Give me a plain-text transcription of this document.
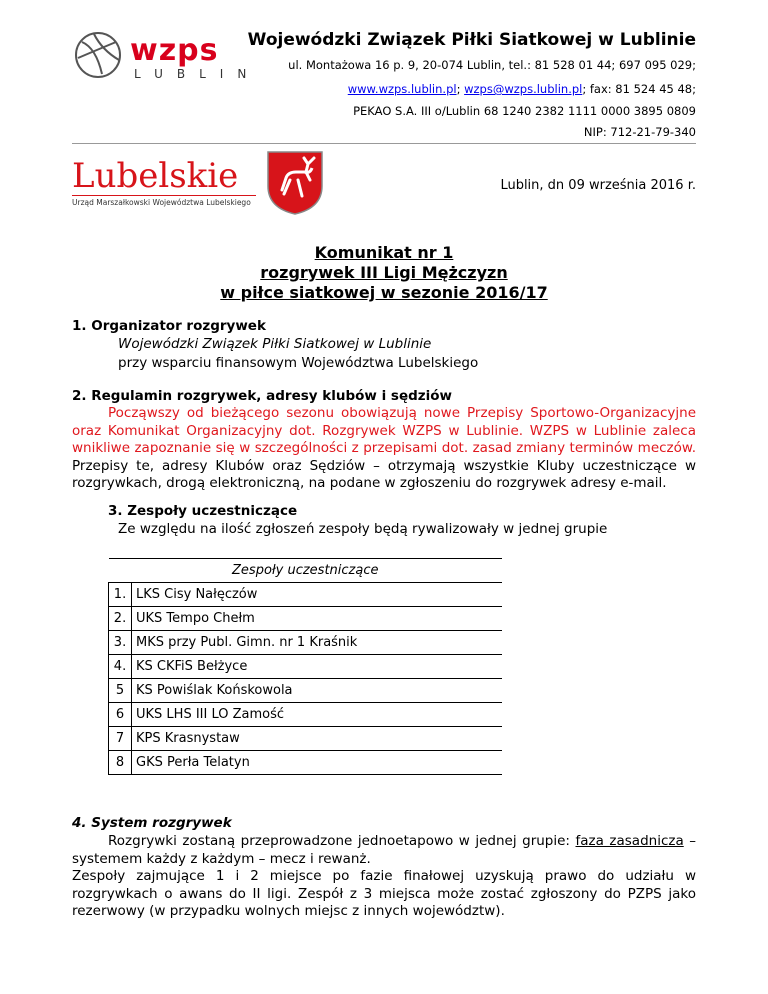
wzps
LUBLIN
Wojewódzki Związek Piłki Siatkowej w Lublinie
ul. Montażowa 16 p. 9, 20-074 Lublin, tel.: 81 528 01 44; 697 095 029;
www.wzps.lublin.pl; wzps@wzps.lublin.pl; fax: 81 524 45 48;
PEKAO S.A. III o/Lublin 68 1240 2382 1111 0000 3895 0809
NIP: 712-21-79-340
Lubelskie
Urząd Marszałkowski Województwa Lubelskiego
Lublin, dn 09 września 2016 r.
Komunikat nr 1
rozgrywek III Ligi Mężczyzn
w piłce siatkowej w sezonie 2016/17
1. Organizator rozgrywek
Wojewódzki Związek Piłki Siatkowej w Lublinie
przy wsparciu finansowym Województwa Lubelskiego
2. Regulamin rozgrywek, adresy klubów i sędziów
Począwszy od bieżącego sezonu obowiązują nowe Przepisy Sportowo-Organizacyjne oraz Komunikat Organizacyjny dot. Rozgrywek WZPS w Lublinie. WZPS w Lublinie zaleca wnikliwe zapoznanie się w szczególności z przepisami dot. zasad zmiany terminów meczów. Przepisy te, adresy Klubów oraz Sędziów – otrzymają wszystkie Kluby uczestniczące w rozgrywkach, drogą elektroniczną, na podane w zgłoszeniu do rozgrywek adresy e-mail.
3. Zespoły uczestniczące
Ze względu na ilość zgłoszeń zespoły będą rywalizowały w jednej grupie
Zespoły uczestniczące	
1.	LKS Cisy Nałęczów
2.	UKS Tempo Chełm
3.	MKS przy Publ. Gimn. nr 1 Kraśnik
4.	KS CKFiS Bełżyce
5	KS Powiślak Końskowola
6	UKS LHS III LO Zamość
7	KPS Krasnystaw
8	GKS Perła Telatyn
4. System rozgrywek
Rozgrywki zostaną przeprowadzone jednoetapowo w jednej grupie: faza zasadnicza – systemem każdy z każdym – mecz i rewanż.
Zespoły zajmujące 1 i 2 miejsce po fazie finałowej uzyskują prawo do udziału w rozgrywkach o awans do II ligi. Zespół z 3 miejsca może zostać zgłoszony do PZPS jako rezerwowy (w przypadku wolnych miejsc z innych województw).
